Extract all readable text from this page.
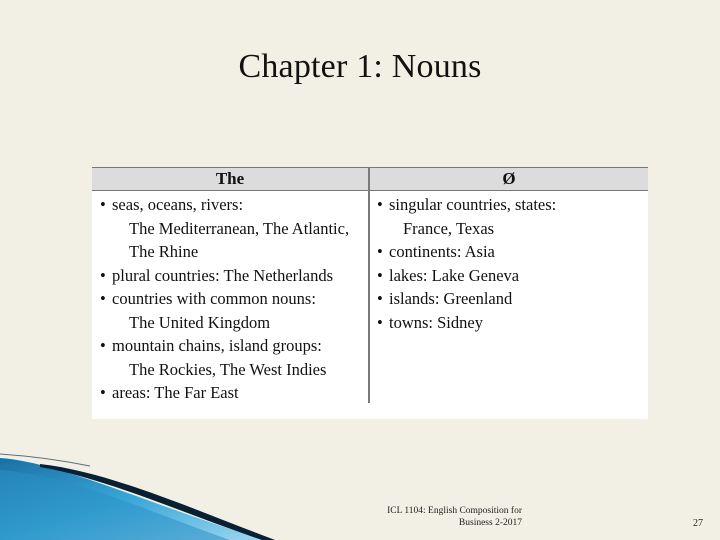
Chapter 1: Nouns
The	Ø
• seas, oceans, rivers:
The Mediterranean, The Atlantic,
The Rhine
• plural countries: The Netherlands
• countries with common nouns:
The United Kingdom
• mountain chains, island groups:
The Rockies, The West Indies
• areas: The Far East
• singular countries, states:
France, Texas
• continents: Asia
• lakes: Lake Geneva
• islands: Greenland
• towns: Sidney
ICL 1104: English Composition for
Business 2-2017	27
